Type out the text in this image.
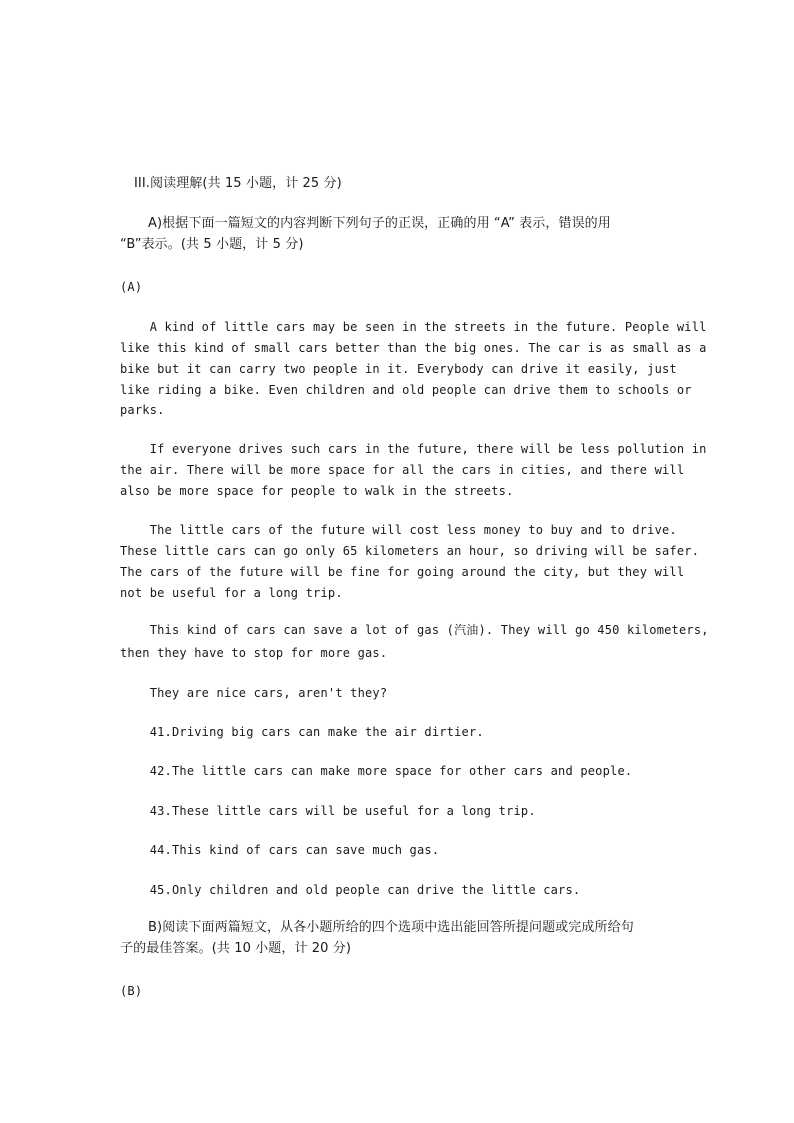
III.阅读理解(共 15 小题，计 25 分)
A)根据下面一篇短文的内容判断下列句子的正误，正确的用 “A” 表示，错误的用
“B”表示。(共 5 小题，计 5 分)
(A)
A kind of little cars may be seen in the streets in the future. People will
like this kind of small cars better than the big ones. The car is as small as a
bike but it can carry two people in it. Everybody can drive it easily, just
like riding a bike. Even children and old people can drive them to schools or
parks.
If everyone drives such cars in the future, there will be less pollution in
the air. There will be more space for all the cars in cities, and there will
also be more space for people to walk in the streets.
The little cars of the future will cost less money to buy and to drive.
These little cars can go only 65 kilometers an hour, so driving will be safer.
The cars of the future will be fine for going around the city, but they will
not be useful for a long trip.
This kind of cars can save a lot of gas (汽油). They will go 450 kilometers,
then they have to stop for more gas.
They are nice cars, aren't they?
41.Driving big cars can make the air dirtier.
42.The little cars can make more space for other cars and people.
43.These little cars will be useful for a long trip.
44.This kind of cars can save much gas.
45.Only children and old people can drive the little cars.
B)阅读下面两篇短文，从各小题所给的四个选项中选出能回答所提问题或完成所给句
子的最佳答案。(共 10 小题，计 20 分)
(B)
